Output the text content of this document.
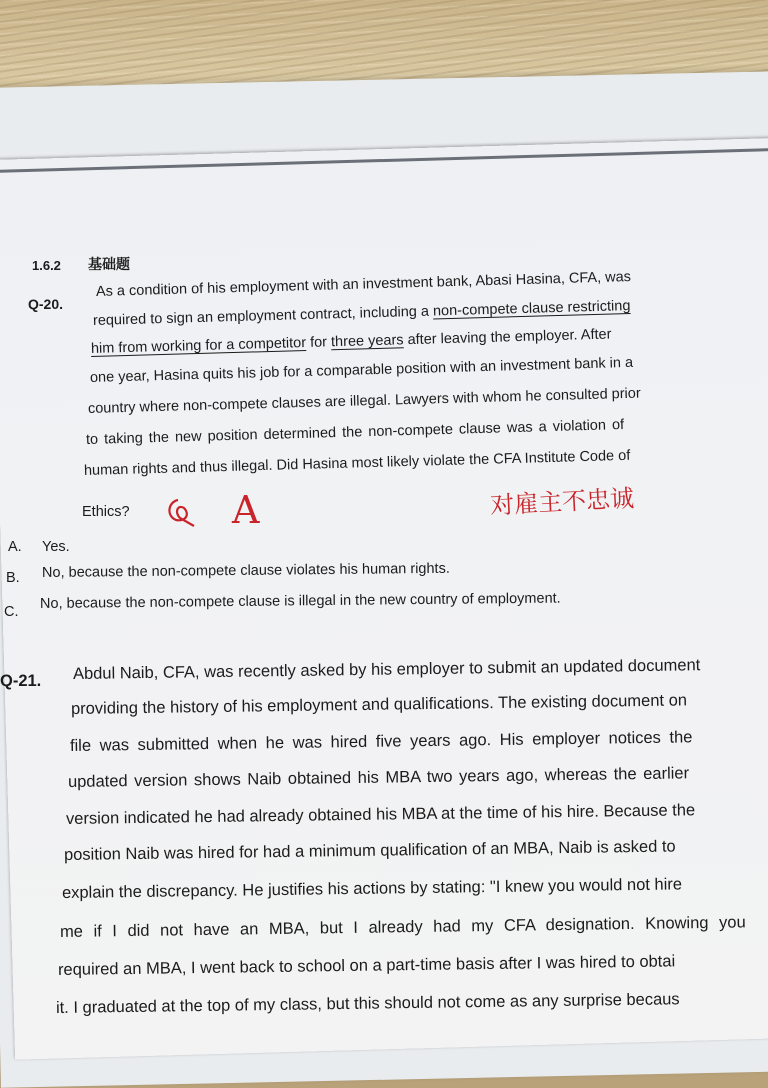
1.6.2 基础题
Q-20.
As a condition of his employment with an investment bank, Abasi Hasina, CFA, was
required to sign an employment contract, including a non-compete clause restricting
him from working for a competitor for three years after leaving the employer. After
one year, Hasina quits his job for a comparable position with an investment bank in a
country where non-compete clauses are illegal. Lawyers with whom he consulted prior
to taking the new position determined the non-compete clause was a violation of
human rights and thus illegal. Did Hasina most likely violate the CFA Institute Code of
Ethics?	A	对雇主不忠诚
A. Yes.
B. No, because the non-compete clause violates his human rights.
C.
No, because the non-compete clause is illegal in the new country of employment.
Q-21. Abdul Naib, CFA, was recently asked by his employer to submit an updated document
providing the history of his employment and qualifications. The existing document on
file was submitted when he was hired five years ago. His employer notices the
updated version shows Naib obtained his MBA two years ago, whereas the earlier
version indicated he had already obtained his MBA at the time of his hire. Because the
position Naib was hired for had a minimum qualification of an MBA, Naib is asked to
explain the discrepancy. He justifies his actions by stating: "I knew you would not hire
me if I did not have an MBA, but I already had my CFA designation. Knowing you
required an MBA, I went back to school on a part-time basis after I was hired to obtai
it. I graduated at the top of my class, but this should not come as any surprise becaus
